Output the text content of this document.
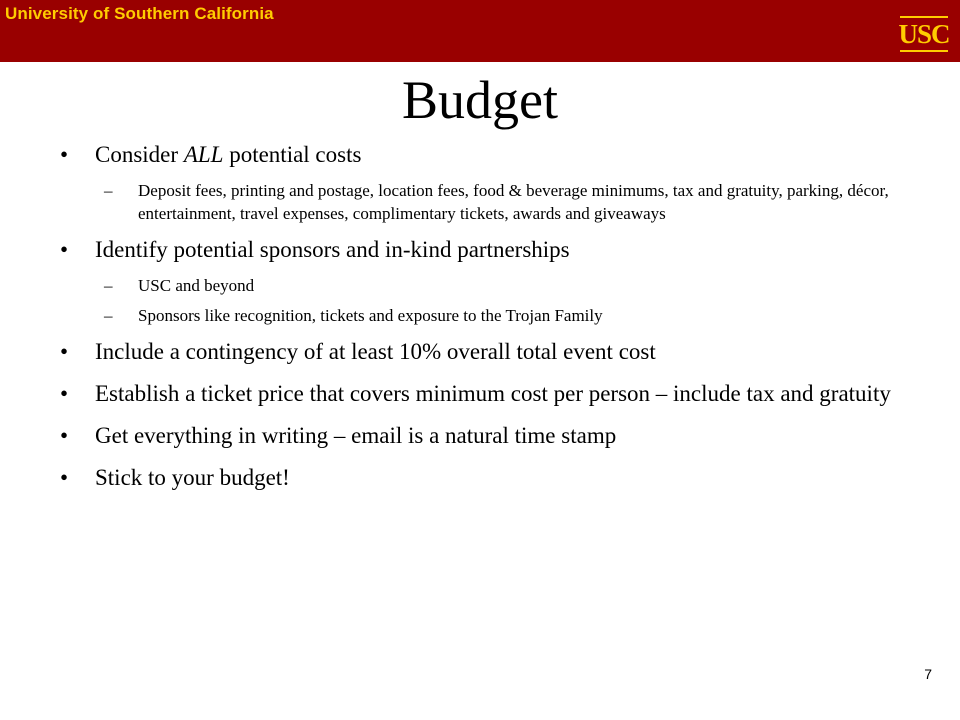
University of Southern California
USC
Budget
• Consider ALL potential costs
– Deposit fees, printing and postage, location fees, food & beverage minimums, tax and gratuity, parking, décor, entertainment, travel expenses, complimentary tickets, awards and giveaways
• Identify potential sponsors and in-kind partnerships
– USC and beyond
– Sponsors like recognition, tickets and exposure to the Trojan Family
• Include a contingency of at least 10% overall total event cost
• Establish a ticket price that covers minimum cost per person – include tax and gratuity
• Get everything in writing – email is a natural time stamp
• Stick to your budget!
7
